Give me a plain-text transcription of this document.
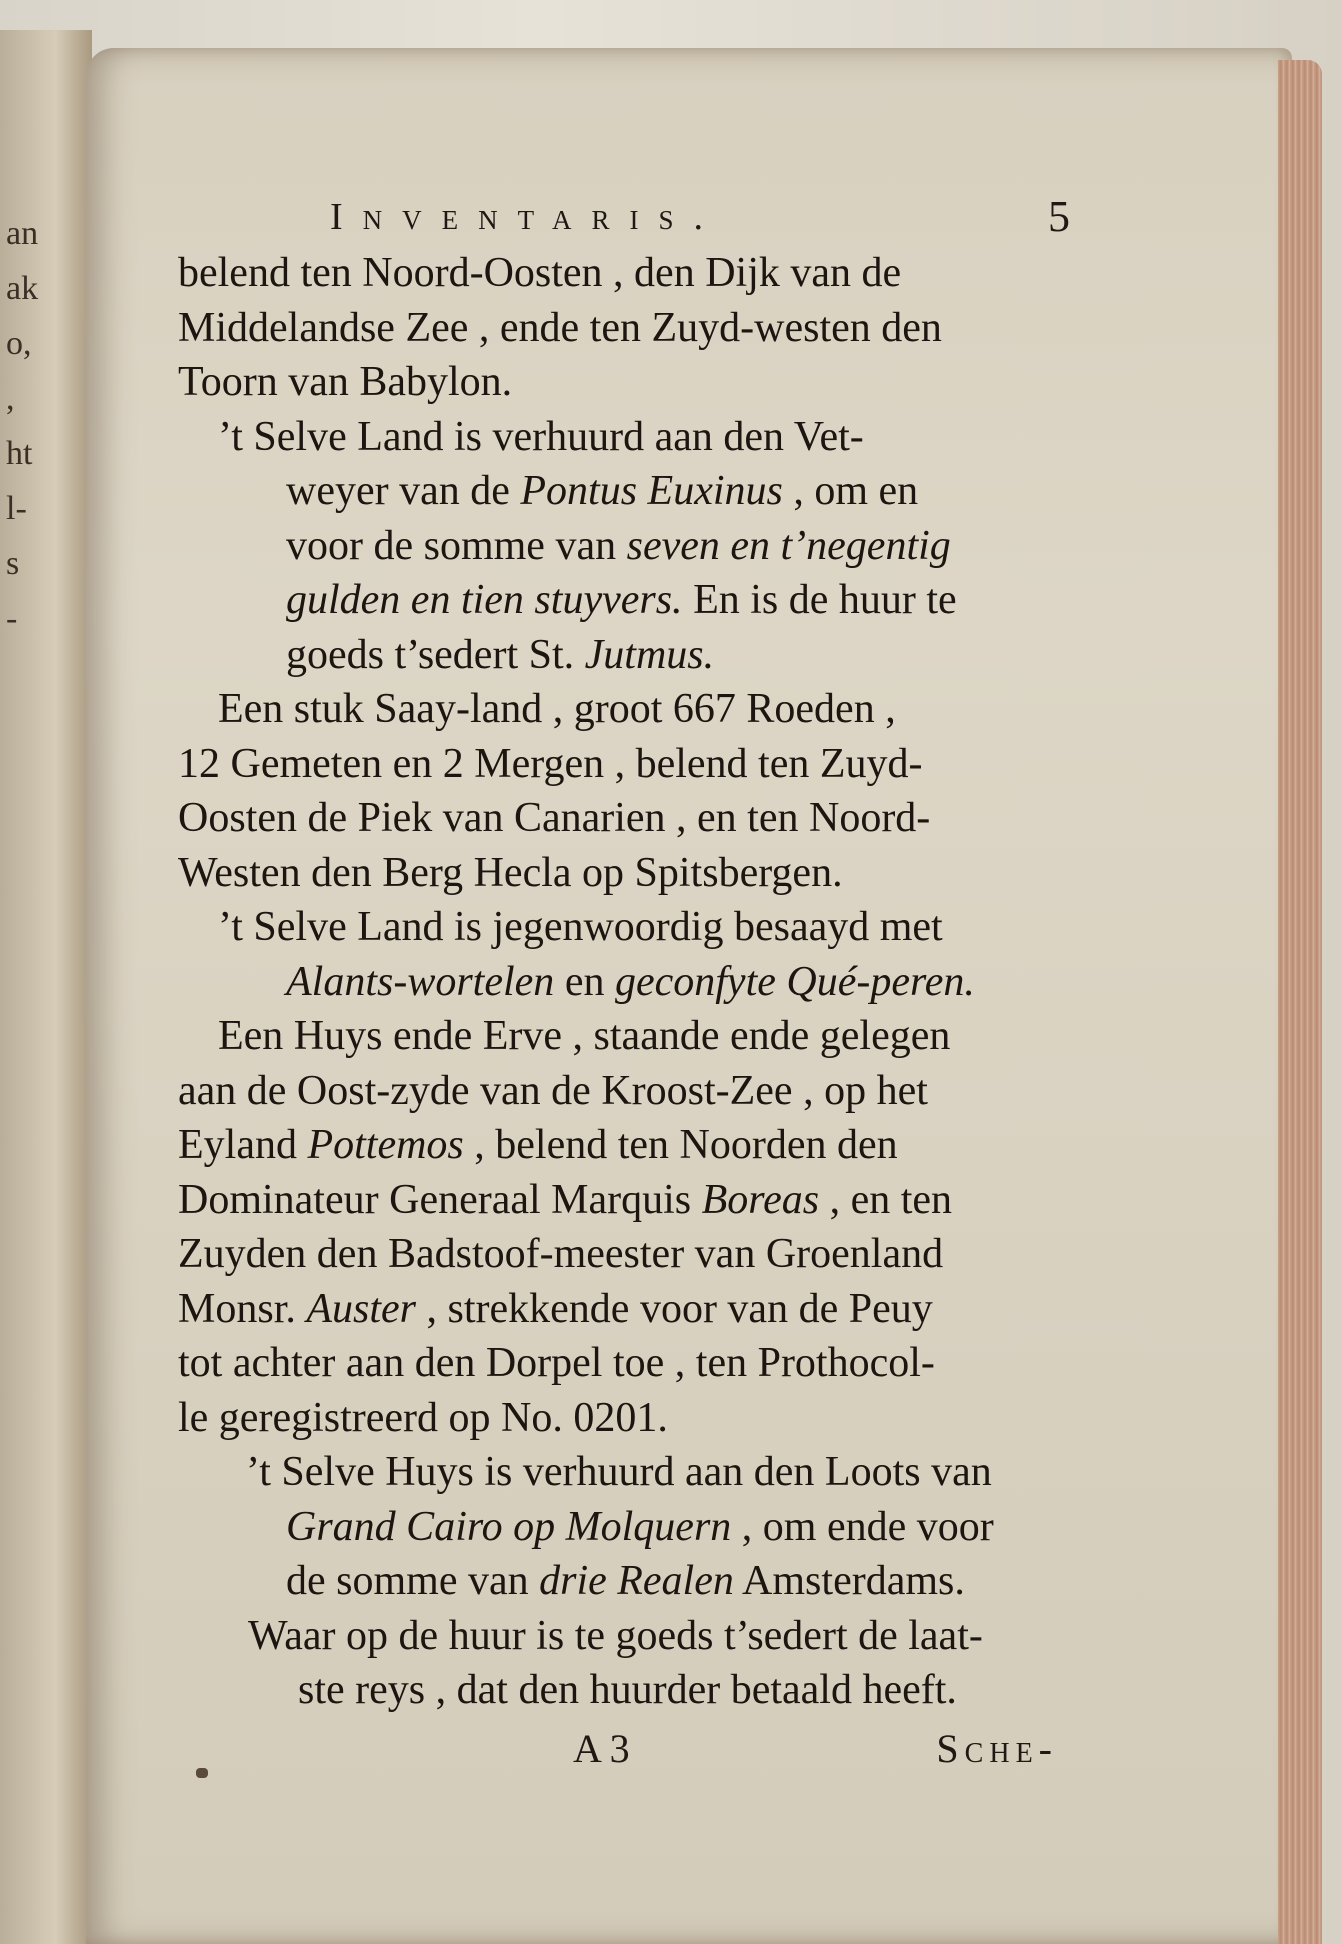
an
ak
o,
,
ht
l-
s
-
Inventaris.	5
belend ten Noord-Oosten , den Dijk van de
Middelandse Zee , ende ten Zuyd-westen den
Toorn van Babylon.
’t Selve Land is verhuurd aan den Vet-
weyer van de Pontus Euxinus , om en
voor de somme van seven en t’negentig
gulden en tien stuyvers. En is de huur te
goeds t’sedert St. Jutmus.
Een stuk Saay-land , groot 667 Roeden ,
12 Gemeten en 2 Mergen , belend ten Zuyd-
Oosten de Piek van Canarien , en ten Noord-
Westen den Berg Hecla op Spitsbergen.
’t Selve Land is jegenwoordig besaayd met
Alants-wortelen en geconfyte Qué-peren.
Een Huys ende Erve , staande ende gelegen
aan de Oost-zyde van de Kroost-Zee , op het
Eyland Pottemos , belend ten Noorden den
Dominateur Generaal Marquis Boreas , en ten
Zuyden den Badstoof-meester van Groenland
Monsr. Auster , strekkende voor van de Peuy
tot achter aan den Dorpel toe , ten Prothocol-
le geregistreerd op No. 0201.
’t Selve Huys is verhuurd aan den Loots van
Grand Cairo op Molquern , om ende voor
de somme van drie Realen Amsterdams.
Waar op de huur is te goeds t’sedert de laat-
ste reys , dat den huurder betaald heeft.
A 3	Sche-
